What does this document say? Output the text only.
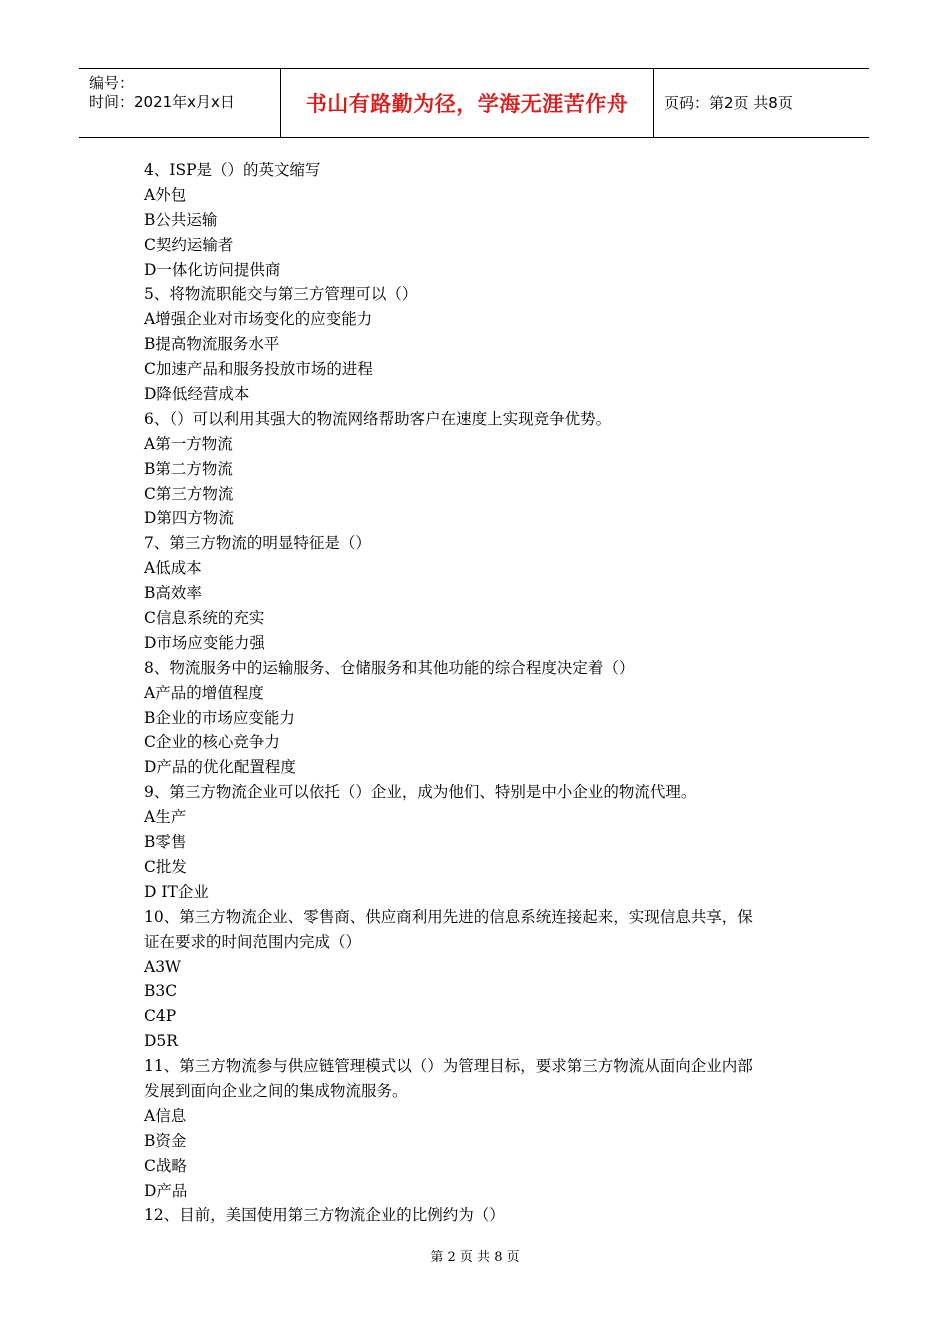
编号：
时间：2021年x月x日	书山有路勤为径，学海无涯苦作舟 页码：第2页 共8页
4、ISP是（）的英文缩写
A外包
B公共运输
C契约运输者
D一体化访问提供商
5、将物流职能交与第三方管理可以（）
A增强企业对市场变化的应变能力
B提高物流服务水平
C加速产品和服务投放市场的进程
D降低经营成本
6、（）可以利用其强大的物流网络帮助客户在速度上实现竞争优势。
A第一方物流
B第二方物流
C第三方物流
D第四方物流
7、第三方物流的明显特征是（）
A低成本
B高效率
C信息系统的充实
D市场应变能力强
8、物流服务中的运输服务、仓储服务和其他功能的综合程度决定着（）
A产品的增值程度
B企业的市场应变能力
C企业的核心竞争力
D产品的优化配置程度
9、第三方物流企业可以依托（）企业，成为他们、特别是中小企业的物流代理。
A生产
B零售
C批发
D IT企业
10、第三方物流企业、零售商、供应商利用先进的信息系统连接起来，实现信息共享，保
证在要求的时间范围内完成（）
A3W
B3C
C4P
D5R
11、第三方物流参与供应链管理模式以（）为管理目标，要求第三方物流从面向企业内部
发展到面向企业之间的集成物流服务。
A信息
B资金
C战略
D产品
12、目前，美国使用第三方物流企业的比例约为（）
第 2 页 共 8 页
